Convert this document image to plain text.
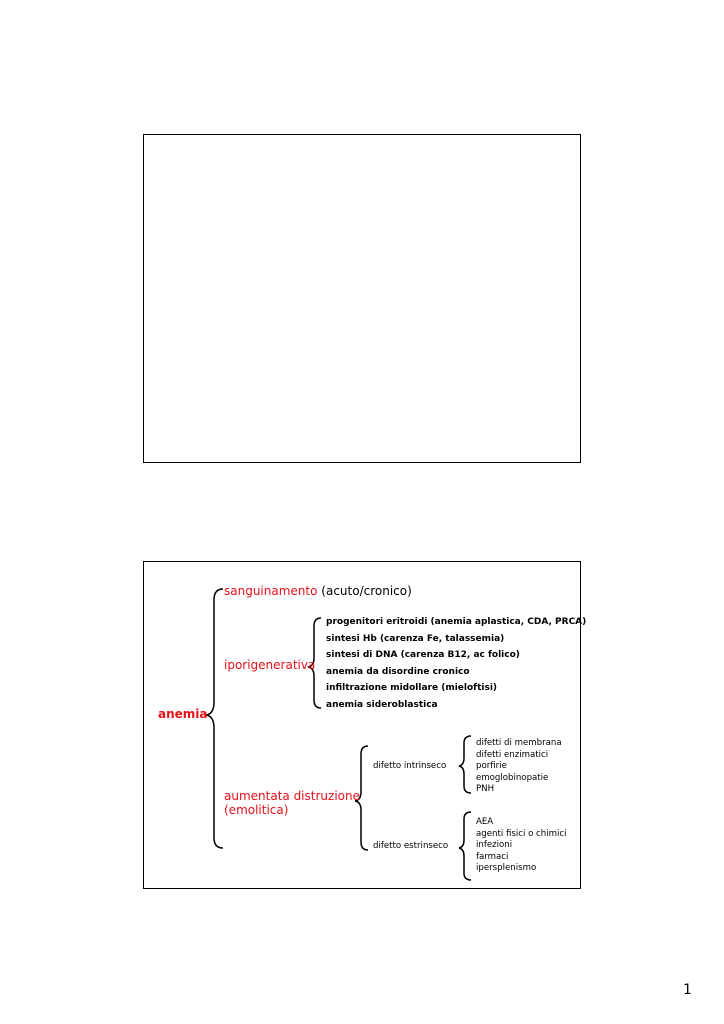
anemia
sanguinamento (acuto/cronico)
iporigenerativa
progenitori eritroidi (anemia aplastica, CDA, PRCA)
sintesi Hb (carenza Fe, talassemia)
sintesi di DNA (carenza B12, ac folico)
anemia da disordine cronico
infiltrazione midollare (mieloftisi)
anemia sideroblastica
aumentata distruzione (emolitica)
difetto intrinseco
difetto estrinseco
difetti di membrana
difetti enzimatici
porfirie
emoglobinopatie
PNH
AEA
agenti fisici o chimici
infezioni
farmaci
ipersplenismo
1
